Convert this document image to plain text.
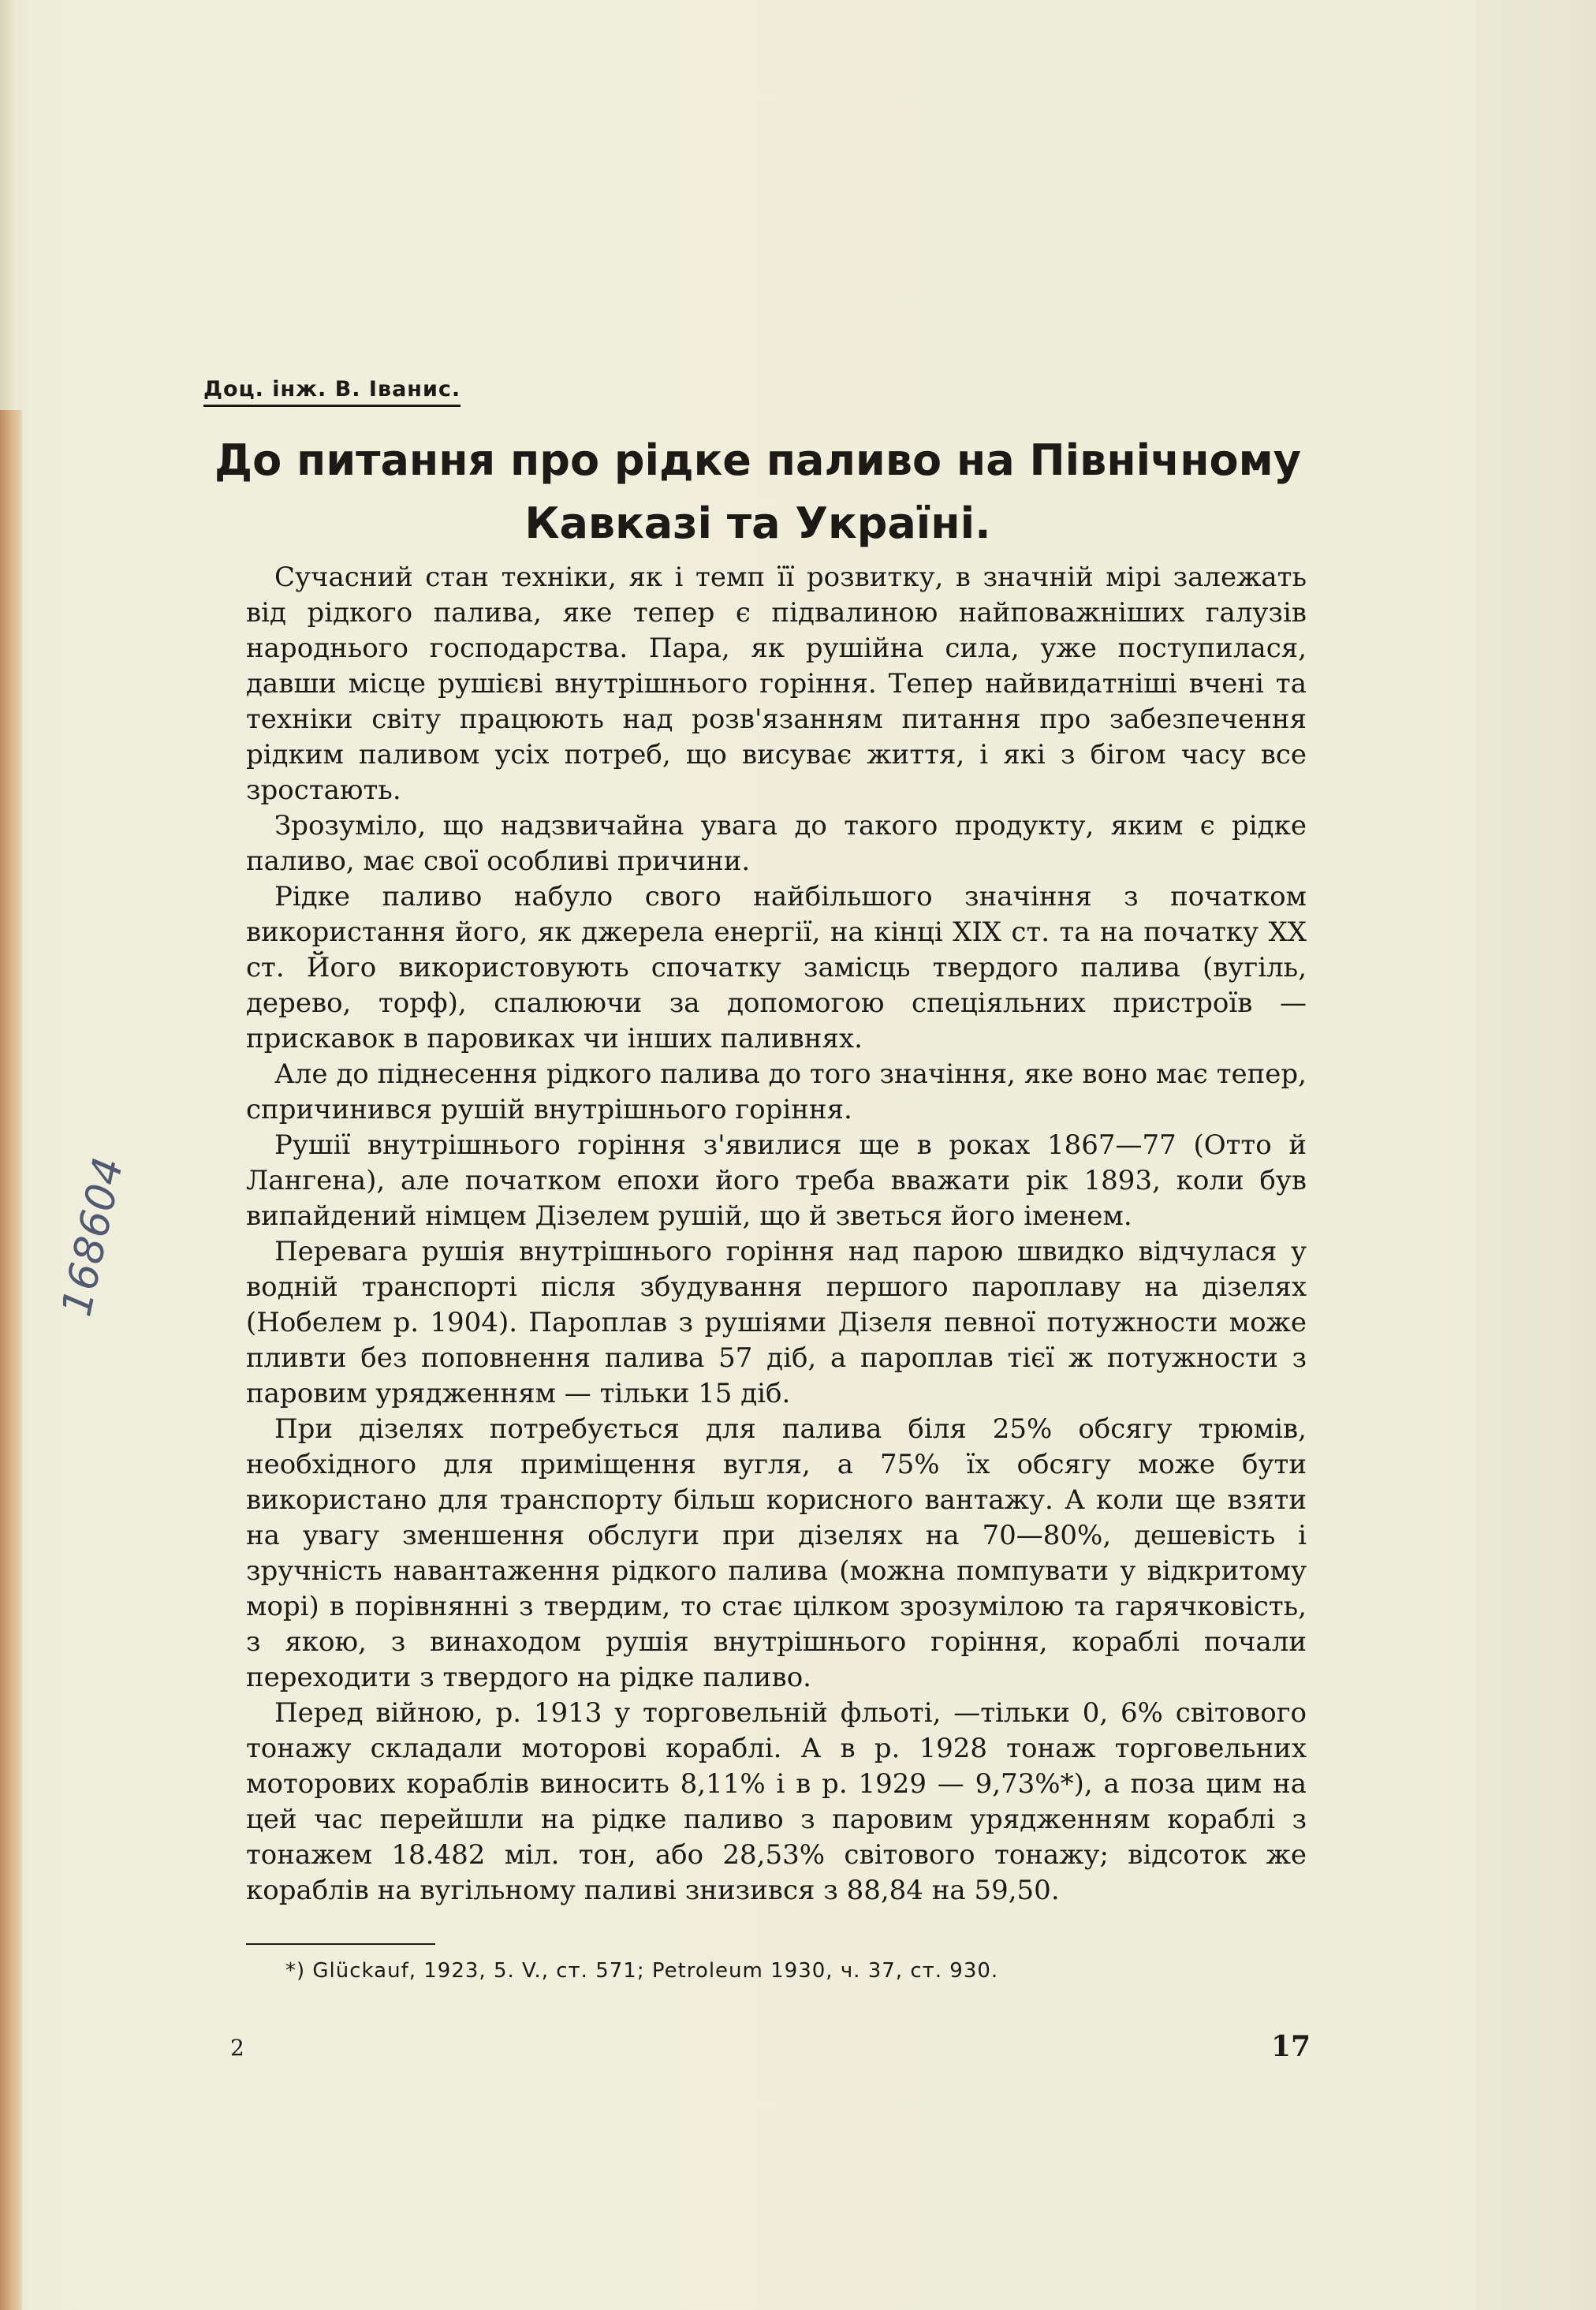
168604
Доц. інж. В. Іванис.
До питання про рідке паливо на Північному Кавказі та Україні.

Сучасний стан техніки, як і темп її розвитку, в значній мірі залежать від рідкого палива, яке тепер є підвалиною найповажніших галузів народнього господарства. Пара, як рушійна сила, уже поступилася, давши місце рушієві внутрішнього горіння. Тепер найвидатніші вчені та техніки світу працюють над розв'язанням питання про забезпечення рідким паливом усіх потреб, що висуває життя, і які з бігом часу все зростають.

Зрозуміло, що надзвичайна увага до такого продукту, яким є рідке паливо, має свої особливі причини.

Рідке паливо набуло свого найбільшого значіння з початком використання його, як джерела енергії, на кінці XIX ст. та на початку XX ст. Його використовують спочатку замісць твердого палива (вугіль, дерево, торф), спалюючи за допомогою спеціяльних пристроїв — прискавок в паровиках чи інших паливнях.

Але до піднесення рідкого палива до того значіння, яке воно має тепер, спричинився рушій внутрішнього горіння.

Рушії внутрішнього горіння з'явилися ще в роках 1867—77 (Отто й Лангена), але початком епохи його треба вважати рік 1893, коли був випайдений німцем Дізелем рушій, що й зветься його іменем.

Перевага рушія внутрішнього горіння над парою швидко відчулася у водній транспорті після збудування першого пароплаву на дізелях (Нобелем р. 1904). Пароплав з рушіями Дізеля певної потужности може пливти без поповнення палива 57 діб, а пароплав тієї ж потужности з паровим урядженням — тільки 15 діб.

При дізелях потребується для палива біля 25% обсягу трюмів, необхідного для приміщення вугля, а 75% їх обсягу може бути використано для транспорту більш корисного вантажу. А коли ще взяти на увагу зменшення обслуги при дізелях на 70—80%, дешевість і зручність навантаження рідкого палива (можна помпувати у відкритому морі) в порівнянні з твердим, то стає цілком зрозумілою та гарячковість, з якою, з винаходом рушія внутрішнього горіння, кораблі почали переходити з твердого на рідке паливо.

Перед війною, р. 1913 у торговельній фльоті, —тільки 0, 6% світового тонажу складали моторові кораблі. А в р. 1928 тонаж торговельних моторових кораблів виносить 8,11% і в р. 1929 — 9,73%*), а поза цим на цей час перейшли на рідке паливо з паровим урядженням кораблі з тонажем 18.482 міл. тон, або 28,53% світового тонажу; відсоток же кораблів на вугільному паливі знизився з 88,84 на 59,50.

*) Glückauf, 1923, 5. V., ст. 571; Petroleum 1930, ч. 37, ст. 930.
2	17
